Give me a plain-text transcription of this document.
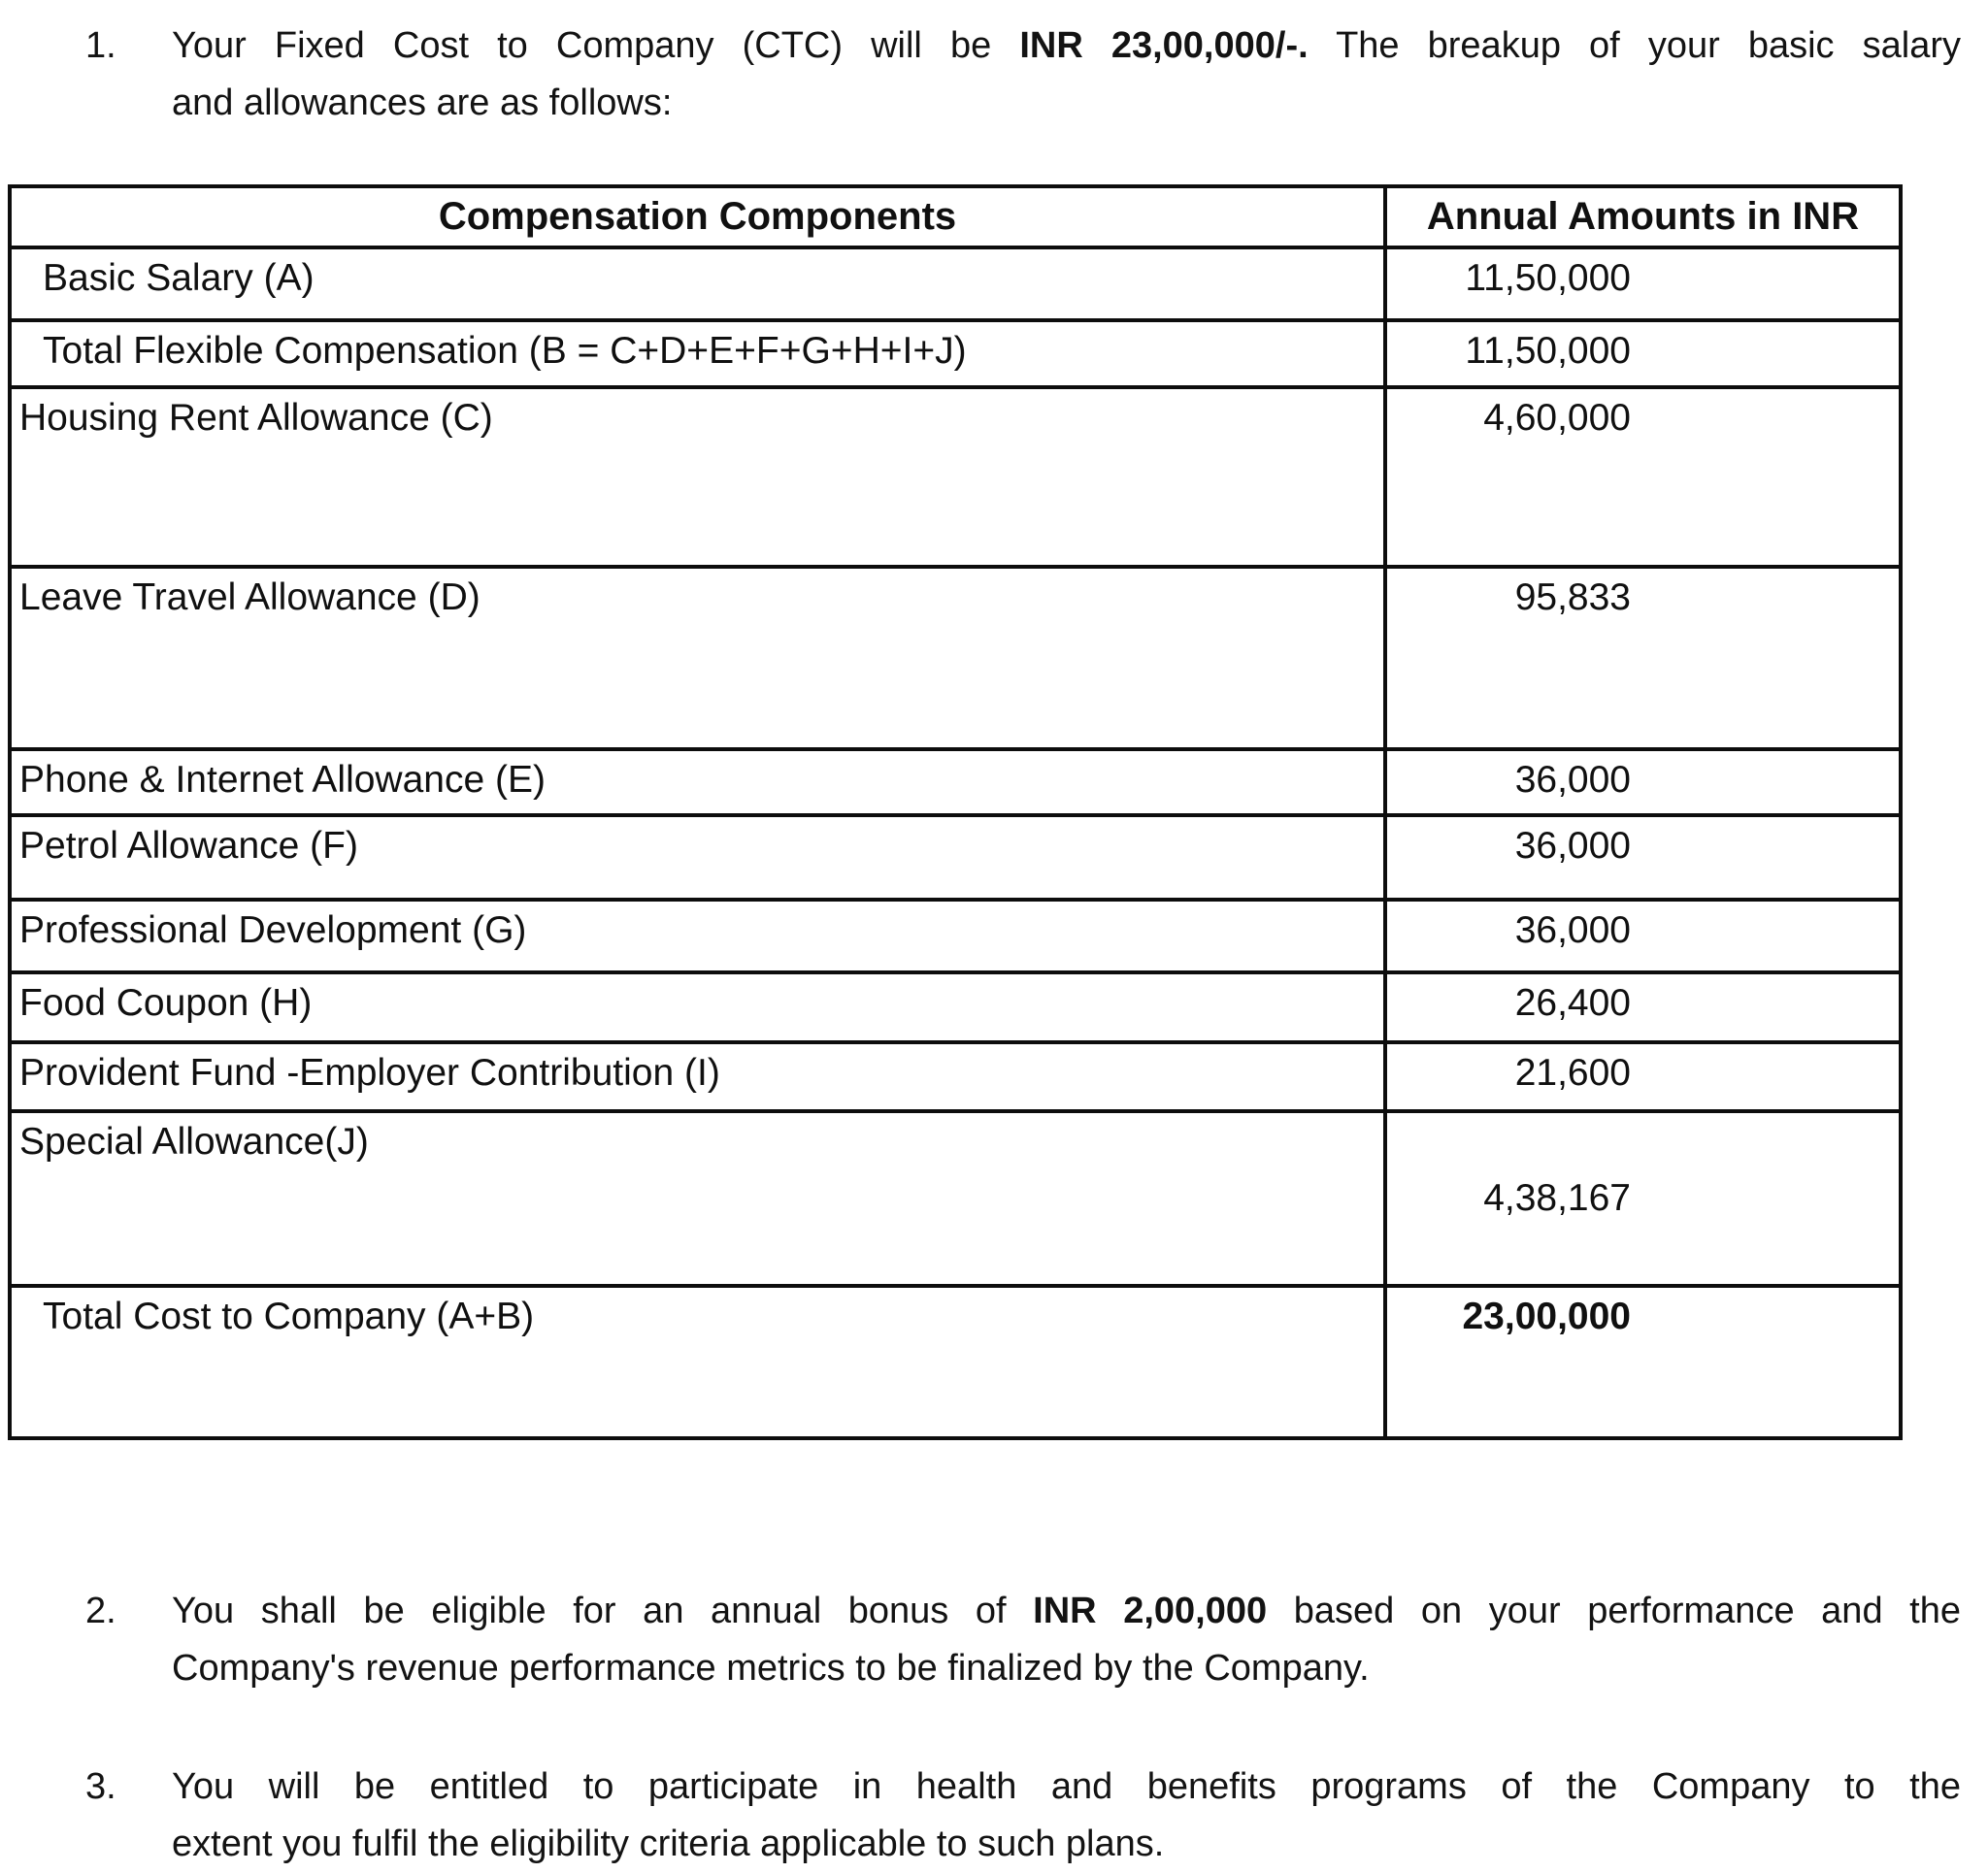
1.	Your Fixed Cost to Company (CTC) will be INR 23,00,000/-. The breakup of your basic salary
and allowances are as follows:
Compensation Components	Annual Amounts in INR
Basic Salary (A)	11,50,000
Total Flexible Compensation (B = C+D+E+F+G+H+I+J)	11,50,000
Housing Rent Allowance (C)	4,60,000
Leave Travel Allowance (D)	95,833
Phone & Internet Allowance (E)	36,000
Petrol Allowance (F)	36,000
Professional Development (G)	36,000
Food Coupon (H)	26,400
Provident Fund -Employer Contribution (I)	21,600
Special Allowance(J)	4,38,167
Total Cost to Company (A+B)	23,00,000
2.	You shall be eligible for an annual bonus of INR 2,00,000 based on your performance and the
Company's revenue performance metrics to be finalized by the Company.
3.	You will be entitled to participate in health and benefits programs of the Company to the
extent you fulfil the eligibility criteria applicable to such plans.
